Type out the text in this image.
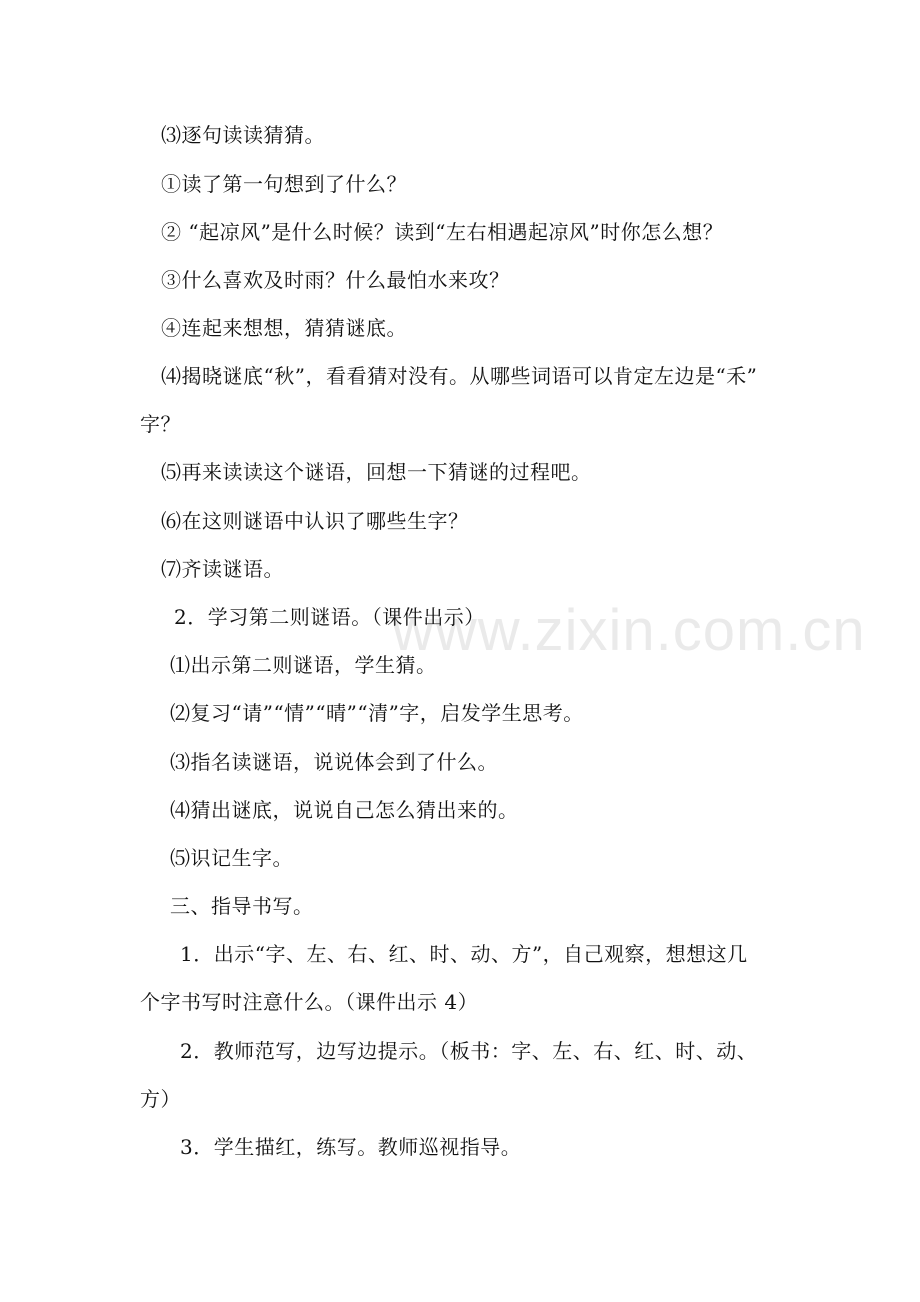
www.zixin.com.cn
⑶逐句读读猜猜。
①读了第一句想到了什么？
② “起凉风”是什么时候？读到“左右相遇起凉风”时你怎么想？
③什么喜欢及时雨？什么最怕水来攻？
④连起来想想，猜猜谜底。
⑷揭晓谜底“秋”，看看猜对没有。从哪些词语可以肯定左边是“禾”
字？
⑸再来读读这个谜语，回想一下猜谜的过程吧。
⑹在这则谜语中认识了哪些生字？
⑺齐读谜语。
2．学习第二则谜语。（课件出示）
⑴出示第二则谜语，学生猜。
⑵复习“请”“情”“晴”“清”字，启发学生思考。
⑶指名读谜语，说说体会到了什么。
⑷猜出谜底，说说自己怎么猜出来的。
⑸识记生字。
三、指导书写。
1．出示“字、左、右、红、时、动、方”，自己观察，想想这几
个字书写时注意什么。（课件出示 4）
2．教师范写，边写边提示。（板书：字、左、右、红、时、动、
方）
3．学生描红，练写。教师巡视指导。
